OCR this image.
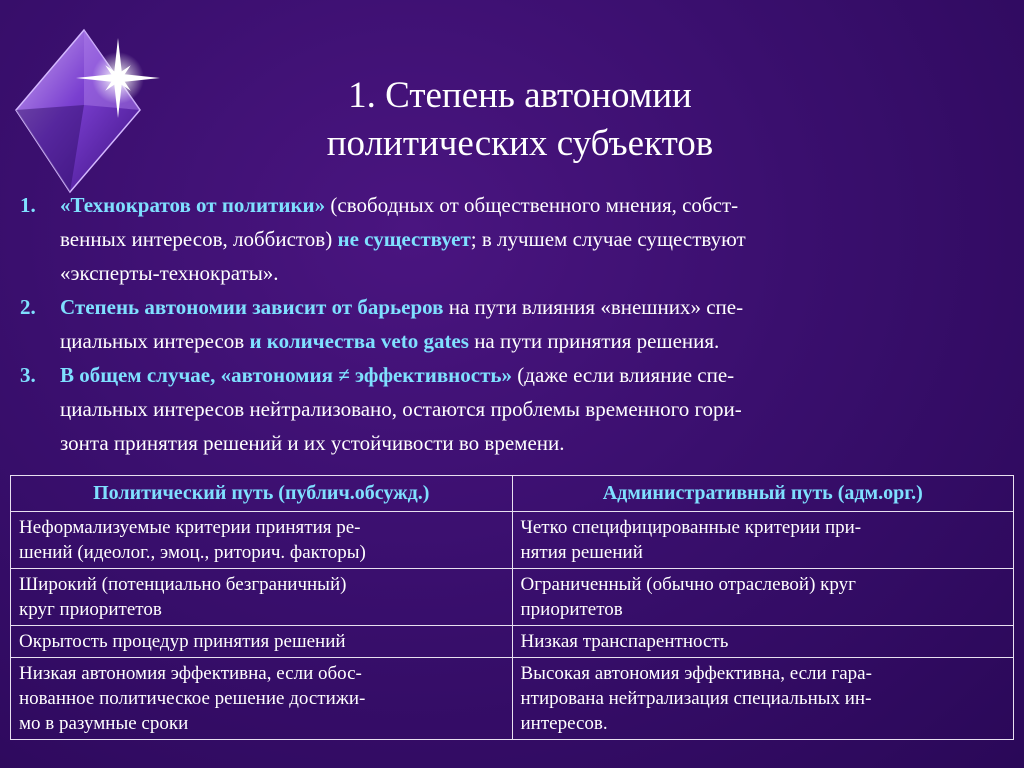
1. Степень автономии
политических субъектов
1.	«Технократов от политики» (свободных от общественного мнения, собст-
венных интересов, лоббистов) не существует; в лучшем случае существуют
«эксперты-технократы».
2.	Степень автономии зависит от барьеров на пути влияния «внешних» спе-
циальных интересов и количества veto gates на пути принятия решения.
3.	В общем случае, «автономия ≠ эффективность» (даже если влияние спе-
циальных интересов нейтрализовано, остаются проблемы временного гори-
зонта принятия решений и их устойчивости во времени.
Политический путь (публич.обсужд.)	Административный путь (адм.орг.)

Неформализуемые критерии принятия ре-
шений (идеолог., эмоц., риторич. факторы)	Четко специфицированные критерии при-
нятия решений

Широкий (потенциально безграничный)
круг приоритетов	Ограниченный (обычно отраслевой) круг
приоритетов

Окрытость процедур принятия решений	Низкая транспарентность

Низкая автономия эффективна, если обос-
нованное политическое решение достижи-
мо в разумные сроки	Высокая автономия эффективна, если гара-
нтирована нейтрализация специальных ин-
интересов.
